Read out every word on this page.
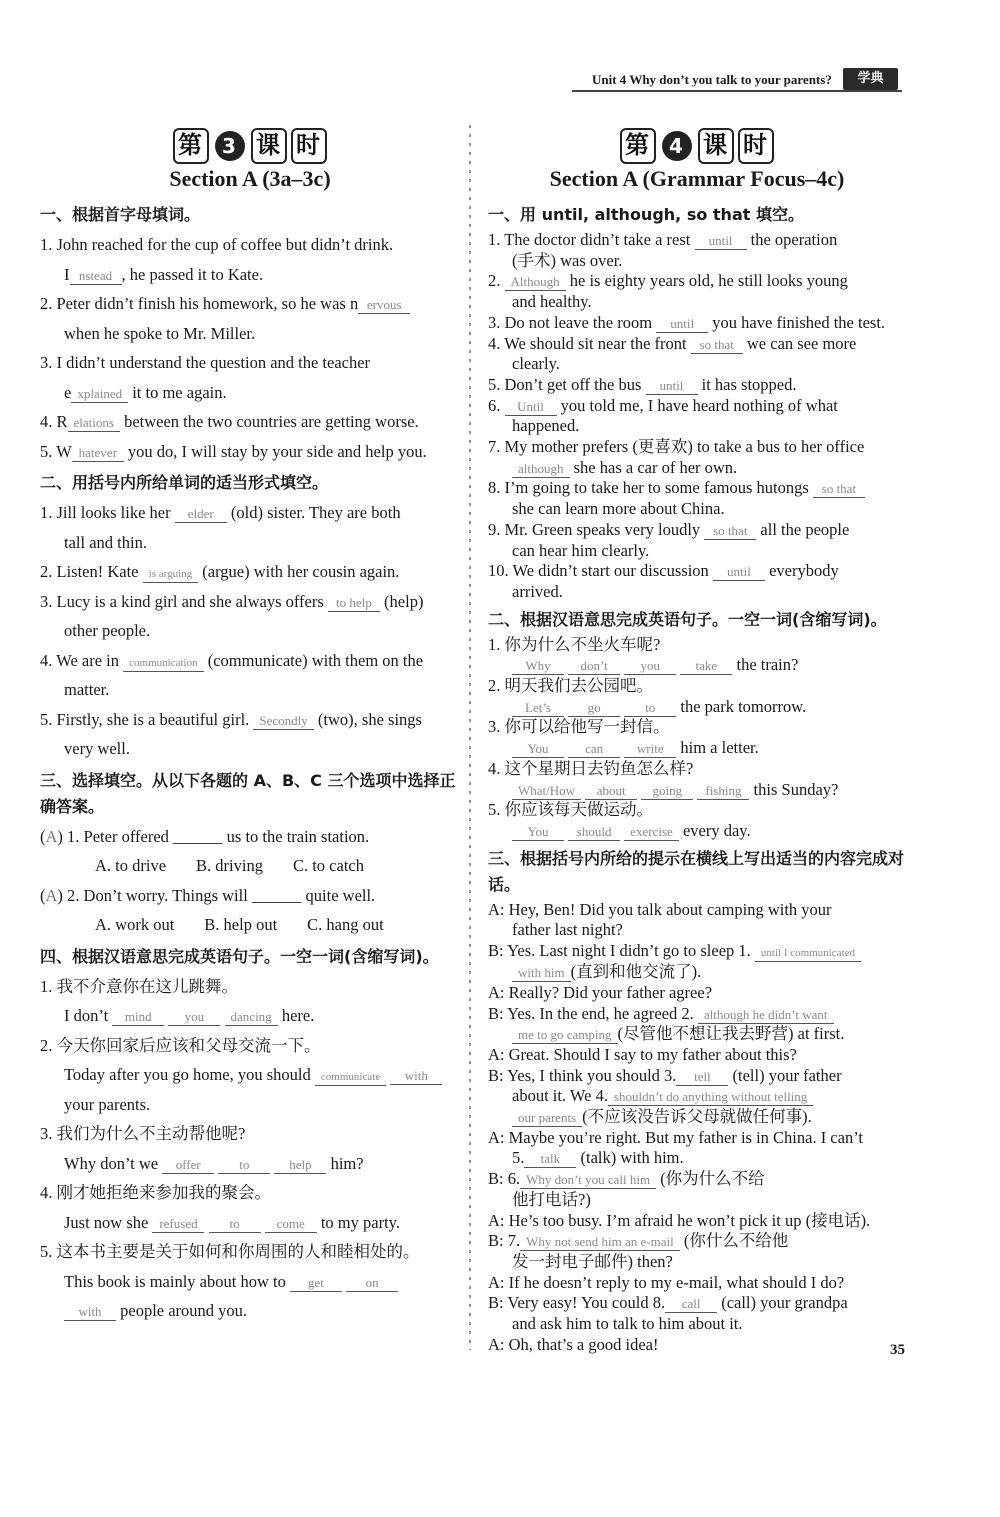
Unit 4 Why don’t you talk to your parents?	学典
第 3 课 时
Section A (3a–3c)
一、根据首字母填词。
1. John reached for the cup of coffee but didn’t drink.
I nstead , he passed it to Kate.
2. Peter didn’t finish his homework, so he was n ervous
when he spoke to Mr. Miller.
3. I didn’t understand the question and the teacher
e xplained it to me again.
4. R elations between the two countries are getting worse.
5. W hatever you do, I will stay by your side and help you.
二、用括号内所给单词的适当形式填空。
1. Jill looks like her elder (old) sister. They are both
tall and thin.
2. Listen! Kate is arguing (argue) with her cousin again.
3. Lucy is a kind girl and she always offers to help (help)
other people.
4. We are in communication (communicate) with them on the
matter.
5. Firstly, she is a beautiful girl. Secondly (two), she sings
very well.
三、选择填空。从以下各题的 A、B、C 三个选项中选择正确答案。
(A) 1. Peter offered ______ us to the train station.
A. to drive B. driving C. to catch
(A) 2. Don’t worry. Things will ______ quite well.
A. work out B. help out C. hang out
四、根据汉语意思完成英语句子。一空一词(含缩写词)。
1. 我不介意你在这儿跳舞。
I don’t mind	you dancing here.
2. 今天你回家后应该和父母交流一下。
Today after you go home, you should communicate with
your parents.
3. 我们为什么不主动帮他呢?
Why don’t we offer	to	help him?
4. 刚才她拒绝来参加我的聚会。
Just now she refused to	come to my party.
5. 这本书主要是关于如何和你周围的人和睦相处的。
This book is mainly about how to get	on
with people around you.
第 4 课 时
Section A (Grammar Focus–4c)
一、用 until, although, so that 填空。
1. The doctor didn’t take a rest until the operation
(手术) was over.
2. Although he is eighty years old, he still looks young
and healthy.
3. Do not leave the room until you have finished the test.
4. We should sit near the front so that we can see more
clearly.
5. Don’t get off the bus until it has stopped.
6. Until you told me, I have heard nothing of what
happened.
7. My mother prefers (更喜欢) to take a bus to her office
although she has a car of her own.
8. I’m going to take her to some famous hutongs so that
she can learn more about China.
9. Mr. Green speaks very loudly so that all the people
can hear him clearly.
10. We didn’t start our discussion until everybody
arrived.
二、根据汉语意思完成英语句子。一空一词(含缩写词)。
1. 你为什么不坐火车呢?
Why don’t	you	take the train?
2. 明天我们去公园吧。
Let’s	go	to the park tomorrow.
3. 你可以给他写一封信。
You	can	write him a letter.
4. 这个星期日去钓鱼怎么样?
What/How about going fishing this Sunday?
5. 你应该每天做运动。
You should exercise every day.
三、根据括号内所给的提示在横线上写出适当的内容完成对话。
A: Hey, Ben! Did you talk about camping with your
father last night?
B: Yes. Last night I didn’t go to sleep 1. until I communicated
with him (直到和他交流了).
A: Really? Did your father agree?
B: Yes. In the end, he agreed 2. although he didn’t want
me to go camping (尽管他不想让我去野营) at first.
A: Great. Should I say to my father about this?
B: Yes, I think you should 3. tell (tell) your father
about it. We 4. shouldn’t do anything without telling
our parents (不应该没告诉父母就做任何事).
A: Maybe you’re right. But my father is in China. I can’t
5. talk (talk) with him.
B: 6. Why don’t you call him (你为什么不给
他打电话?)
A: He’s too busy. I’m afraid he won’t pick it up (接电话).
B: 7. Why not send him an e-mail (你什么不给他
发一封电子邮件) then?
A: If he doesn’t reply to my e-mail, what should I do?
B: Very easy! You could 8. call (call) your grandpa
and ask him to talk to him about it.
A: Oh, that’s a good idea!	35
